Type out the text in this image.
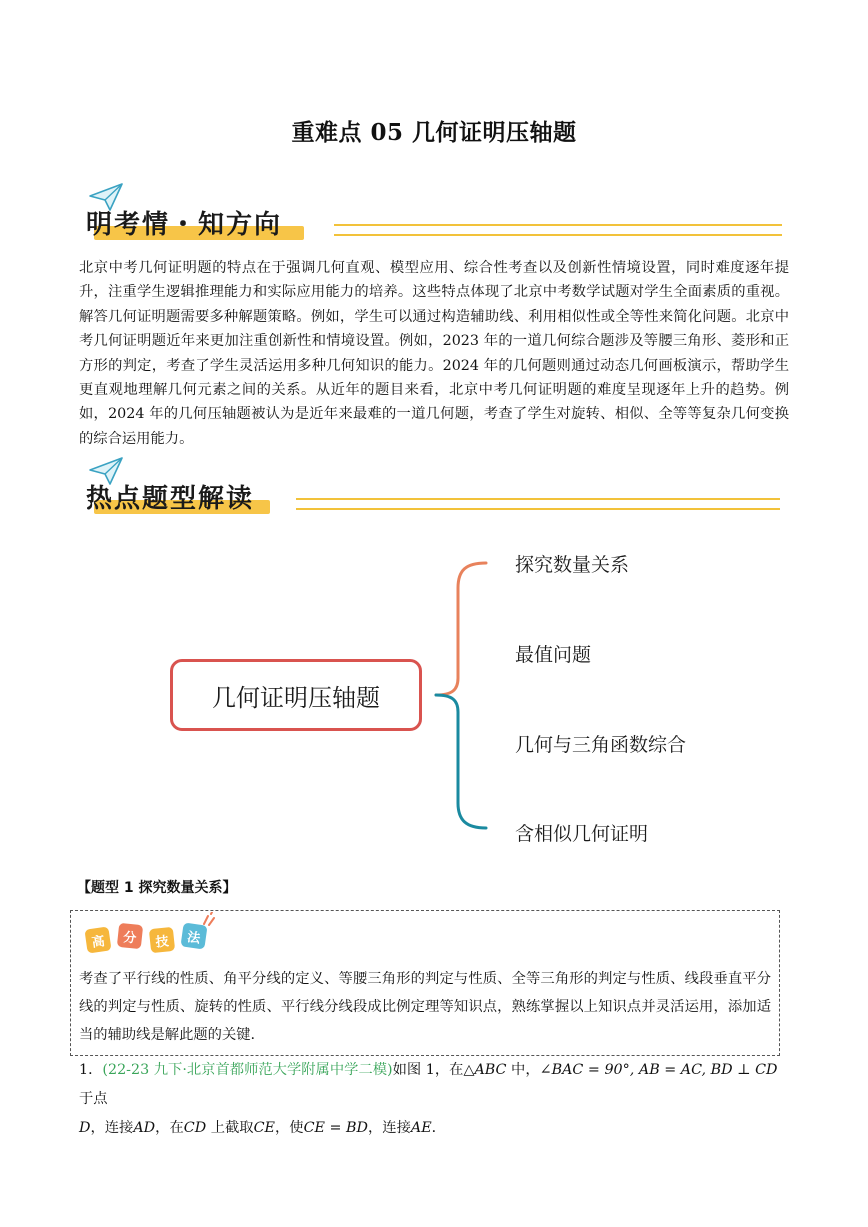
重难点 05 几何证明压轴题
明考情・知方向
北京中考几何证明题的特点在于强调几何直观、模型应用、综合性考查以及创新性情境设置，同时难度逐年提升，注重学生逻辑推理能力和实际应用能力的培养。这些特点体现了北京中考数学试题对学生全面素质的重视。解答几何证明题需要多种解题策略。例如，学生可以通过构造辅助线、利用相似性或全等性来简化问题。北京中考几何证明题近年来更加注重创新性和情境设置。例如，2023 年的一道几何综合题涉及等腰三角形、菱形和正方形的判定，考查了学生灵活运用多种几何知识的能力。2024 年的几何题则通过动态几何画板演示，帮助学生更直观地理解几何元素之间的关系。从近年的题目来看，北京中考几何证明题的难度呈现逐年上升的趋势。例如，2024 年的几何压轴题被认为是近年来最难的一道几何题，考查了学生对旋转、相似、全等等复杂几何变换的综合运用能力。
热点题型解读
几何证明压轴题
探究数量关系
最值问题
几何与三角函数综合
含相似几何证明
【题型 1 探究数量关系】
高	分	技	法
考查了平行线的性质、角平分线的定义、等腰三角形的判定与性质、全等三角形的判定与性质、线段垂直平分线的判定与性质、旋转的性质、平行线分线段成比例定理等知识点，熟练掌握以上知识点并灵活运用，添加适当的辅助线是解此题的关键.
1．(22-23 九下·北京首都师范大学附属中学二模)如图 1，在△ABC 中，∠BAC = 90°, AB = AC, BD ⊥ CD 于点
D，连接AD，在CD 上截取CE，使CE = BD，连接AE．
